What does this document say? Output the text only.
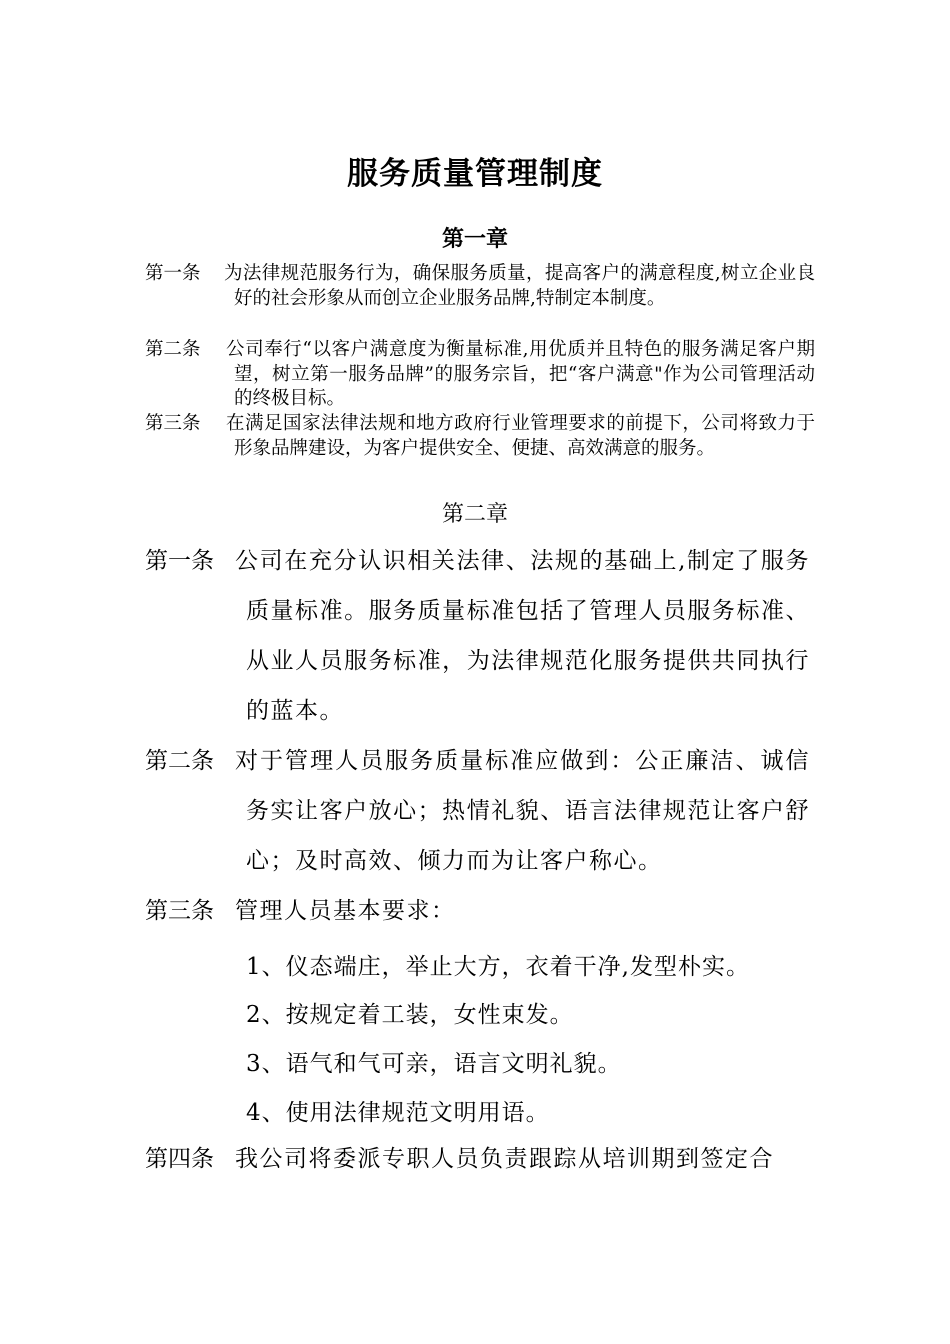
服务质量管理制度
第一章
第一条 为法律规范服务行为，确保服务质量，提高客户的满意程度,树立企业良好的社会形象从而创立企业服务品牌,特制定本制度。
第二条 公司奉行“以客户满意度为衡量标准,用优质并且特色的服务满足客户期望，树立第一服务品牌”的服务宗旨，把“客户满意"作为公司管理活动的终极目标。
第三条 在满足国家法律法规和地方政府行业管理要求的前提下，公司将致力于形象品牌建设，为客户提供安全、便捷、高效满意的服务。
第二章
第一条 公司在充分认识相关法律、法规的基础上,制定了服务质量标准。服务质量标准包括了管理人员服务标准、从业人员服务标准，为法律规范化服务提供共同执行的蓝本。
第二条 对于管理人员服务质量标准应做到：公正廉洁、诚信务实让客户放心；热情礼貌、语言法律规范让客户舒心；及时高效、倾力而为让客户称心。
第三条 管理人员基本要求：
1、仪态端庄，举止大方，衣着干净,发型朴实。
2、按规定着工装，女性束发。
3、语气和气可亲，语言文明礼貌。
4、使用法律规范文明用语。
第四条 我公司将委派专职人员负责跟踪从培训期到签定合
